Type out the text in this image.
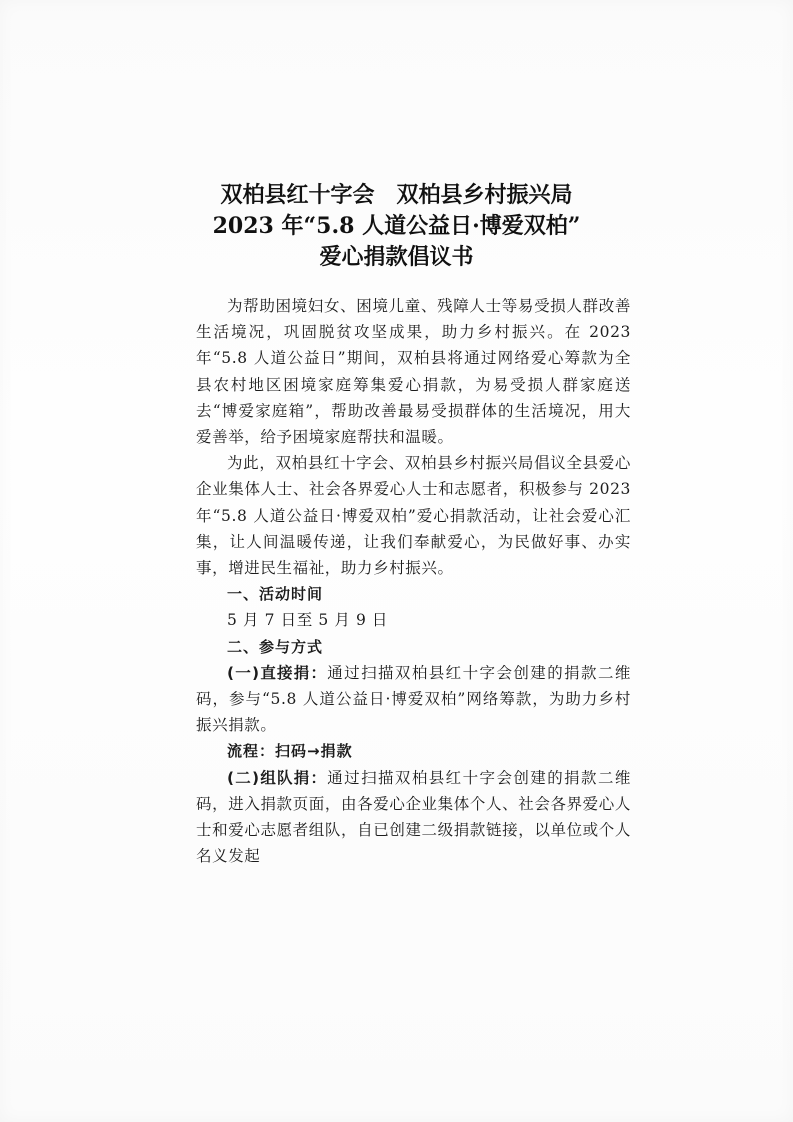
双柏县红十字会　双柏县乡村振兴局
2023 年“5.8 人道公益日·博爱双柏”
爱心捐款倡议书

为帮助困境妇女、困境儿童、残障人士等易受损人群改善生活境况，巩固脱贫攻坚成果，助力乡村振兴。在 2023 年“5.8 人道公益日”期间，双柏县将通过网络爱心筹款为全县农村地区困境家庭筹集爱心捐款，为易受损人群家庭送去“博爱家庭箱”，帮助改善最易受损群体的生活境况，用大爱善举，给予困境家庭帮扶和温暖。

为此，双柏县红十字会、双柏县乡村振兴局倡议全县爱心企业集体人士、社会各界爱心人士和志愿者，积极参与 2023 年“5.8 人道公益日·博爱双柏”爱心捐款活动，让社会爱心汇集，让人间温暖传递，让我们奉献爱心，为民做好事、办实事，增进民生福祉，助力乡村振兴。

一、活动时间

5 月 7 日至 5 月 9 日

二、参与方式

(一)直接捐：通过扫描双柏县红十字会创建的捐款二维码，参与“5.8 人道公益日·博爱双柏”网络筹款，为助力乡村振兴捐款。

流程：扫码→捐款

(二)组队捐：通过扫描双柏县红十字会创建的捐款二维码，进入捐款页面，由各爱心企业集体个人、社会各界爱心人士和爱心志愿者组队，自已创建二级捐款链接，以单位或个人名义发起
